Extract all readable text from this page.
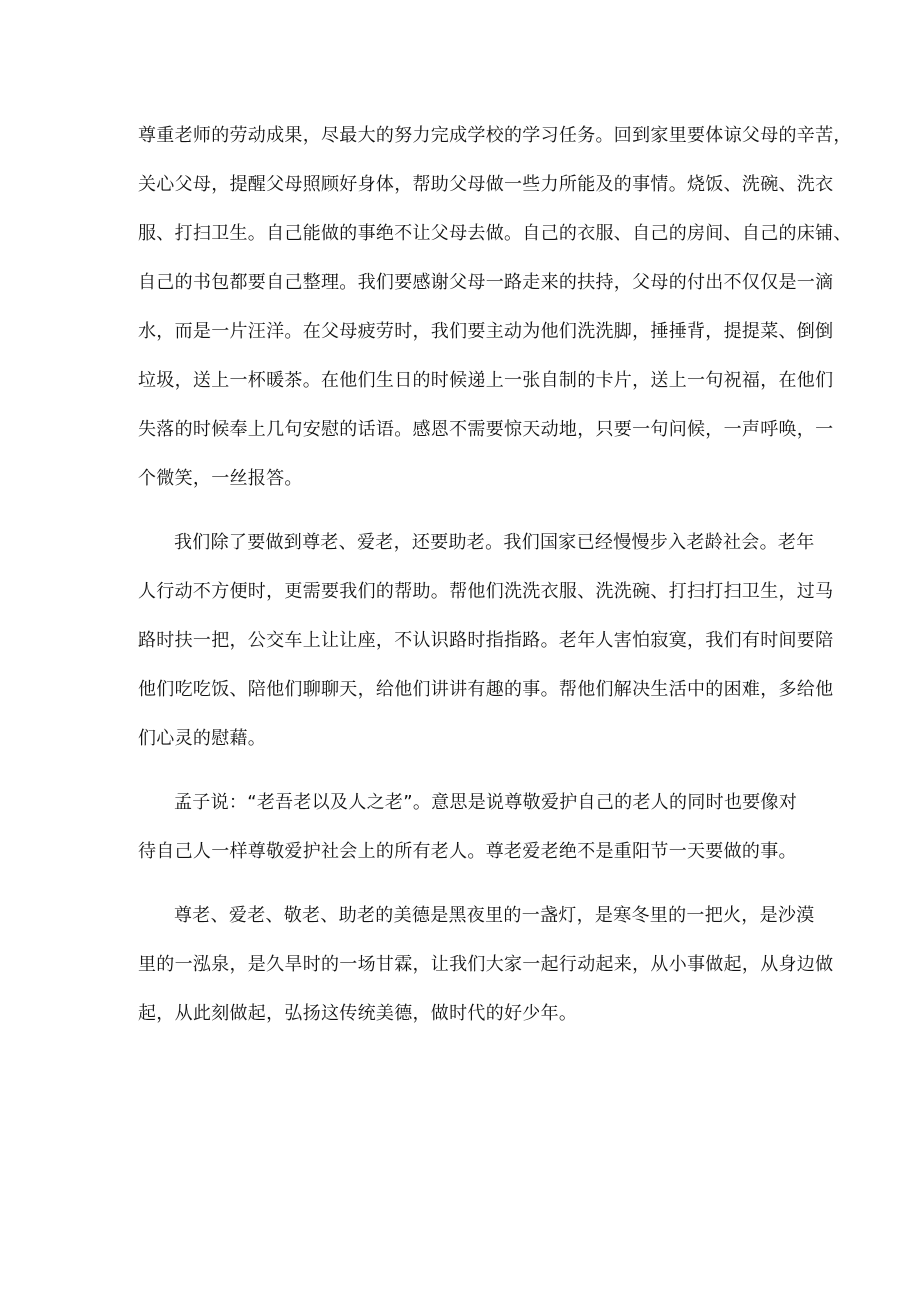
尊重老师的劳动成果，尽最大的努力完成学校的学习任务。回到家里要体谅父母的辛苦，
关心父母，提醒父母照顾好身体，帮助父母做一些力所能及的事情。烧饭、洗碗、洗衣
服、打扫卫生。自己能做的事绝不让父母去做。自己的衣服、自己的房间、自己的床铺、
自己的书包都要自己整理。我们要感谢父母一路走来的扶持，父母的付出不仅仅是一滴
水，而是一片汪洋。在父母疲劳时，我们要主动为他们洗洗脚，捶捶背，提提菜、倒倒
垃圾，送上一杯暖茶。在他们生日的时候递上一张自制的卡片，送上一句祝福，在他们
失落的时候奉上几句安慰的话语。感恩不需要惊天动地，只要一句问候，一声呼唤，一
个微笑，一丝报答。
我们除了要做到尊老、爱老，还要助老。我们国家已经慢慢步入老龄社会。老年
人行动不方便时，更需要我们的帮助。帮他们洗洗衣服、洗洗碗、打扫打扫卫生，过马
路时扶一把，公交车上让让座，不认识路时指指路。老年人害怕寂寞，我们有时间要陪
他们吃吃饭、陪他们聊聊天，给他们讲讲有趣的事。帮他们解决生活中的困难，多给他
们心灵的慰藉。
孟子说：“老吾老以及人之老”。意思是说尊敬爱护自己的老人的同时也要像对
待自己人一样尊敬爱护社会上的所有老人。尊老爱老绝不是重阳节一天要做的事。
尊老、爱老、敬老、助老的美德是黑夜里的一盏灯，是寒冬里的一把火，是沙漠
里的一泓泉，是久旱时的一场甘霖，让我们大家一起行动起来，从小事做起，从身边做
起，从此刻做起，弘扬这传统美德，做时代的好少年。
